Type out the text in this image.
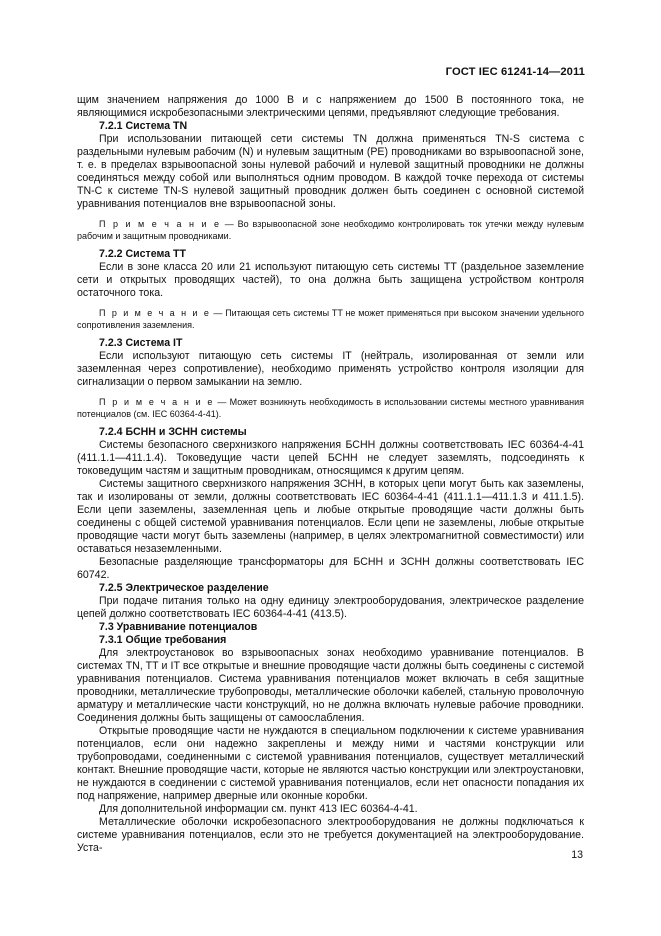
ГОСТ IEC 61241-14—2011

щим значением напряжения до 1000 В и с напряжением до 1500 В постоянного тока, не являющимися искробезопасными электрическими цепями, предъявляют следующие требования.

7.2.1 Система TN

При использовании питающей сети системы TN должна применяться TN-S система с раздельными нулевым рабочим (N) и нулевым защитным (PE) проводниками во взрывоопасной зоне, т. е. в пределах взрывоопасной зоны нулевой рабочий и нулевой защитный проводники не должны соединяться между собой или выполняться одним проводом. В каждой точке перехода от системы TN-C к системе TN-S нулевой защитный проводник должен быть соединен с основной системой уравнивания потенциалов вне взрывоопасной зоны.

П р и м е ч а н и е — Во взрывоопасной зоне необходимо контролировать ток утечки между нулевым рабочим и защитным проводниками.
7.2.2 Система TT

Если в зоне класса 20 или 21 используют питающую сеть системы TT (раздельное заземление сети и открытых проводящих частей), то она должна быть защищена устройством контроля остаточного тока.

П р и м е ч а н и е — Питающая сеть системы TT не может применяться при высоком значении удельного сопротивления заземления.
7.2.3 Система IT

Если используют питающую сеть системы IT (нейтраль, изолированная от земли или заземленная через сопротивление), необходимо применять устройство контроля изоляции для сигнализации о первом замыкании на землю.

П р и м е ч а н и е — Может возникнуть необходимость в использовании системы местного уравнивания потенциалов (см. IEC 60364-4-41).
7.2.4 БСНН и ЗСНН системы

Системы безопасного сверхнизкого напряжения БСНН должны соответствовать IEC 60364-4-41 (411.1.1—411.1.4). Токоведущие части цепей БСНН не следует заземлять, подсоединять к токоведущим частям и защитным проводникам, относящимся к другим цепям.

Системы защитного сверхнизкого напряжения ЗСНН, в которых цепи могут быть как заземлены, так и изолированы от земли, должны соответствовать IEC 60364-4-41 (411.1.1—411.1.3 и 411.1.5). Если цепи заземлены, заземленная цепь и любые открытые проводящие части должны быть соединены с общей системой уравнивания потенциалов. Если цепи не заземлены, любые открытые проводящие части могут быть заземлены (например, в целях электромагнитной совместимости) или оставаться незаземленными.

Безопасные разделяющие трансформаторы для БСНН и ЗСНН должны соответствовать IEC 60742.

7.2.5 Электрическое разделение

При подаче питания только на одну единицу электрооборудования, электрическое разделение цепей должно соответствовать IEC 60364-4-41 (413.5).

7.3 Уравнивание потенциалов
7.3.1 Общие требования

Для электроустановок во взрывоопасных зонах необходимо уравнивание потенциалов. В системах TN, TT и IT все открытые и внешние проводящие части должны быть соединены с системой уравнивания потенциалов. Система уравнивания потенциалов может включать в себя защитные проводники, металлические трубопроводы, металлические оболочки кабелей, стальную проволочную арматуру и металлические части конструкций, но не должна включать нулевые рабочие проводники. Соединения должны быть защищены от самоослабления.

Открытые проводящие части не нуждаются в специальном подключении к системе уравнивания потенциалов, если они надежно закреплены и между ними и частями конструкции или трубопроводами, соединенными с системой уравнивания потенциалов, существует металлический контакт. Внешние проводящие части, которые не являются частью конструкции или электроустановки, не нуждаются в соединении с системой уравнивания потенциалов, если нет опасности попадания их под напряжение, например дверные или оконные коробки.

Для дополнительной информации см. пункт 413 IEC 60364-4-41.

Металлические оболочки искробезопасного электрооборудования не должны подключаться к системе уравнивания потенциалов, если это не требуется документацией на электрооборудование. Уста-

13
